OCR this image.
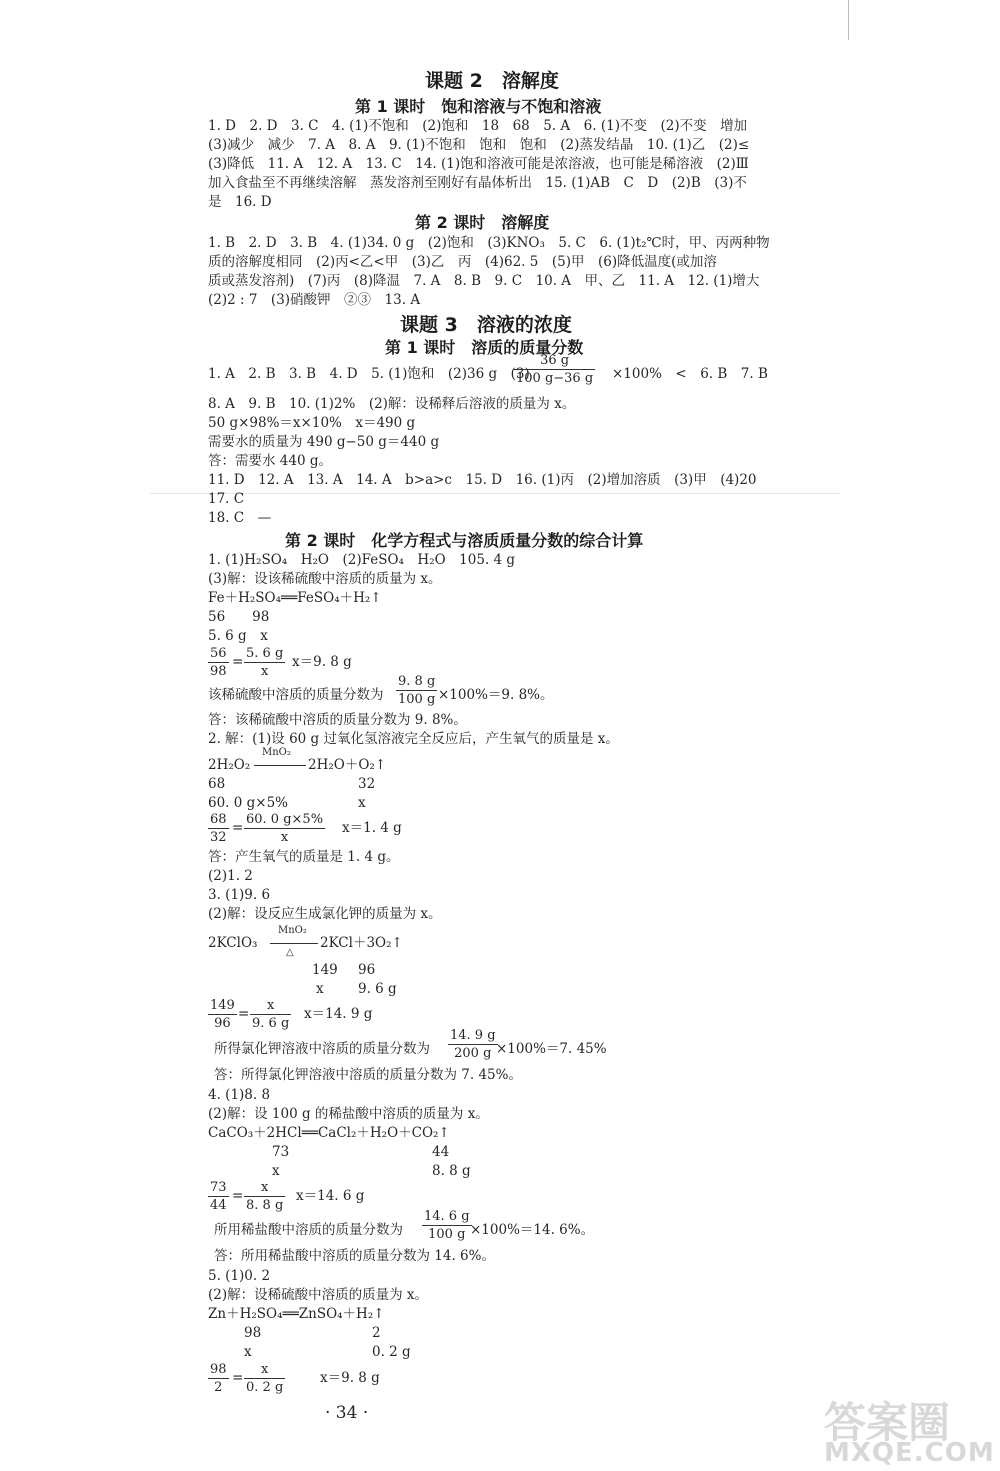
课题 2　溶解度
第 1 课时　饱和溶液与不饱和溶液
1. D　2. D　3. C　4. (1)不饱和　(2)饱和　18　68　5. A　6. (1)不变　(2)不变　增加
(3)减少　减少　7. A　8. A　9. (1)不饱和　饱和　饱和　(2)蒸发结晶　10. (1)乙　(2)≤
(3)降低　11. A　12. A　13. C　14. (1)饱和溶液可能是浓溶液，也可能是稀溶液　(2)Ⅲ
加入食盐至不再继续溶解　蒸发溶剂至刚好有晶体析出　15. (1)AB　C　D　(2)B　(3)不
是　16. D
第 2 课时　溶解度
1. B　2. D　3. B　4. (1)34. 0 g　(2)饱和　(3)KNO₃　5. C　6. (1)t₂℃时，甲、丙两种物
质的溶解度相同　(2)丙<乙<甲　(3)乙　丙　(4)62. 5　(5)甲　(6)降低温度(或加溶
质或蒸发溶剂)　(7)丙　(8)降温　7. A　8. B　9. C　10. A　甲、乙　11. A　12. (1)增大
(2)2 : 7　(3)硝酸钾　②③　13. A
课题 3　溶液的浓度
第 1 课时　溶质的质量分数
1. A　2. B　3. B　4. D　5. (1)饱和　(2)36 g　(3)
$\frac{36 g}{100 g-36 g} \times 100\%$　<　6. B　7. B
8. A　9. B　10. (1)2%　(2)解：设稀释后溶液的质量为 x。
50 g×98%＝x×10%　x＝490 g
需要水的质量为 490 g−50 g＝440 g
答：需要水 440 g。
11. D　12. A　13. A　14. A　b>a>c　15. D　16. (1)丙　(2)增加溶质　(3)甲　(4)20
17. C
18. C　—
第 2 课时　化学方程式与溶质质量分数的综合计算
1. (1)H₂SO₄　H₂O　(2)FeSO₄　H₂O　105. 4 g
(3)解：设该稀硫酸中溶质的质量为 x。
Fe＋H₂SO₄══FeSO₄＋H₂↑
56　　98
5. 6 g　x
$\frac{56}{98} = \frac{5. 6 g}{x} x=9$. 8 g
该稀硫酸中溶质的质量分数为 $\frac{9. 8 g}{100 g} \times 100\%=9$. 8%。
答：该稀硫酸中溶质的质量分数为 9. 8%。
2. 解：(1)设 60 g 过氧化氢溶液完全反应后，产生氧气的质量是 x。
2H₂O₂
MnO₂
2H₂O＋O₂↑
68	32
60. 0 g×5%	x
$\frac{68}{32} = \frac{60. 0 g\times 5\%}{x} x=1$. 4 g
答：产生氧气的质量是 1. 4 g。
(2)1. 2
3. (1)9. 6
(2)解：设反应生成氯化钾的质量为 x。
2KClO₃
MnO₂
△
2KCl＋3O₂↑
149 96
x	9. 6 g
$\frac{149}{96} = \frac{x}{9. 6 g} x=14$. 9 g
所得氯化钾溶液中溶质的质量分数为 $\frac{14. 9 g}{200 g}$
×100%＝7. 45%
答：所得氯化钾溶液中溶质的质量分数为 7. 45%。
4. (1)8. 8
(2)解：设 100 g 的稀盐酸中溶质的质量为 x。
CaCO₃＋2HCl══CaCl₂＋H₂O＋CO₂↑
73	44
x	8. 8 g
$\frac{73}{44} = \frac{x}{8. 8 g} x=14$. 6 g
所用稀盐酸中溶质的质量分数为 $\frac{14. 6 g}{100 g}$
×100%＝14. 6%。
答：所用稀盐酸中溶质的质量分数为 14. 6%。
5. (1)0. 2
(2)解：设稀硫酸中溶质的质量为 x。
Zn＋H₂SO₄══ZnSO₄＋H₂↑
98	2
x	0. 2 g
$\frac{98}{2} = \frac{x}{0. 2 g}$	x＝9. 8 g
· 34 ·	答案圈
MXQE.COM
